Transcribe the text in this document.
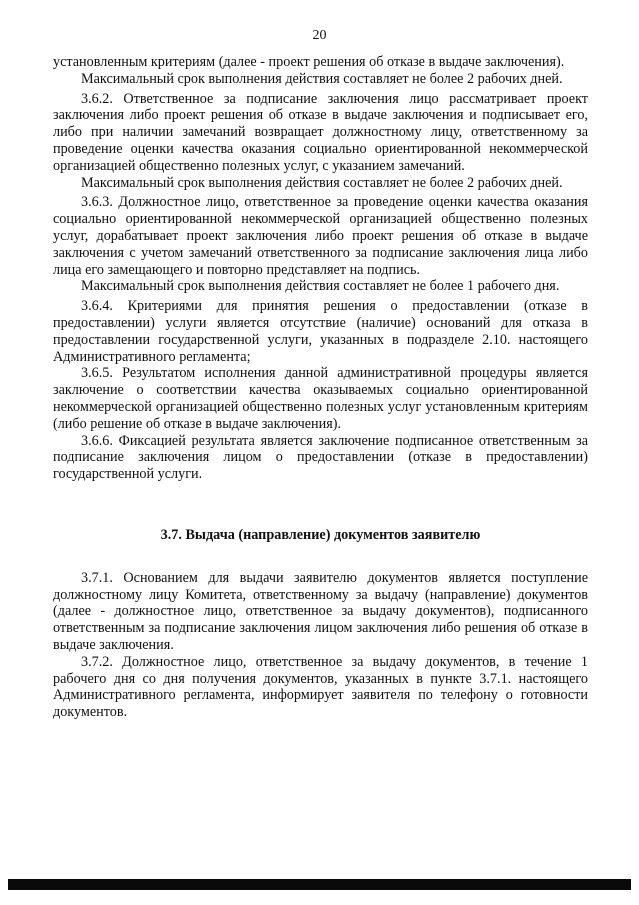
20

установленным критериям (далее - проект решения об отказе в выдаче заключения).

Максимальный срок выполнения действия составляет не более 2 рабочих дней.

3.6.2. Ответственное за подписание заключения лицо рассматривает проект заключения либо проект решения об отказе в выдаче заключения и подписывает его, либо при наличии замечаний возвращает должностному лицу, ответственному за проведение оценки качества оказания социально ориентированной некоммерческой организацией общественно полезных услуг, с указанием замечаний.

Максимальный срок выполнения действия составляет не более 2 рабочих дней.

3.6.3. Должностное лицо, ответственное за проведение оценки качества оказания социально ориентированной некоммерческой организацией общественно полезных услуг, дорабатывает проект заключения либо проект решения об отказе в выдаче заключения с учетом замечаний ответственного за подписание заключения лица либо лица его замещающего и повторно представляет на подпись.

Максимальный срок выполнения действия составляет не более 1 рабочего дня.

3.6.4. Критериями для принятия решения о предоставлении (отказе в предоставлении) услуги является отсутствие (наличие) оснований для отказа в предоставлении государственной услуги, указанных в подразделе 2.10. настоящего Административного регламента;

3.6.5. Результатом исполнения данной административной процедуры является заключение о соответствии качества оказываемых социально ориентированной некоммерческой организацией общественно полезных услуг установленным критериям (либо решение об отказе в выдаче заключения).

3.6.6. Фиксацией результата является заключение подписанное ответственным за подписание заключения лицом о предоставлении (отказе в предоставлении) государственной услуги.

3.7. Выдача (направление) документов заявителю

3.7.1. Основанием для выдачи заявителю документов является поступление должностному лицу Комитета, ответственному за выдачу (направление) документов (далее - должностное лицо, ответственное за выдачу документов), подписанного ответственным за подписание заключения лицом заключения либо решения об отказе в выдаче заключения.

3.7.2. Должностное лицо, ответственное за выдачу документов, в течение 1 рабочего дня со дня получения документов, указанных в пункте 3.7.1. настоящего Административного регламента, информирует заявителя по телефону о готовности документов.
